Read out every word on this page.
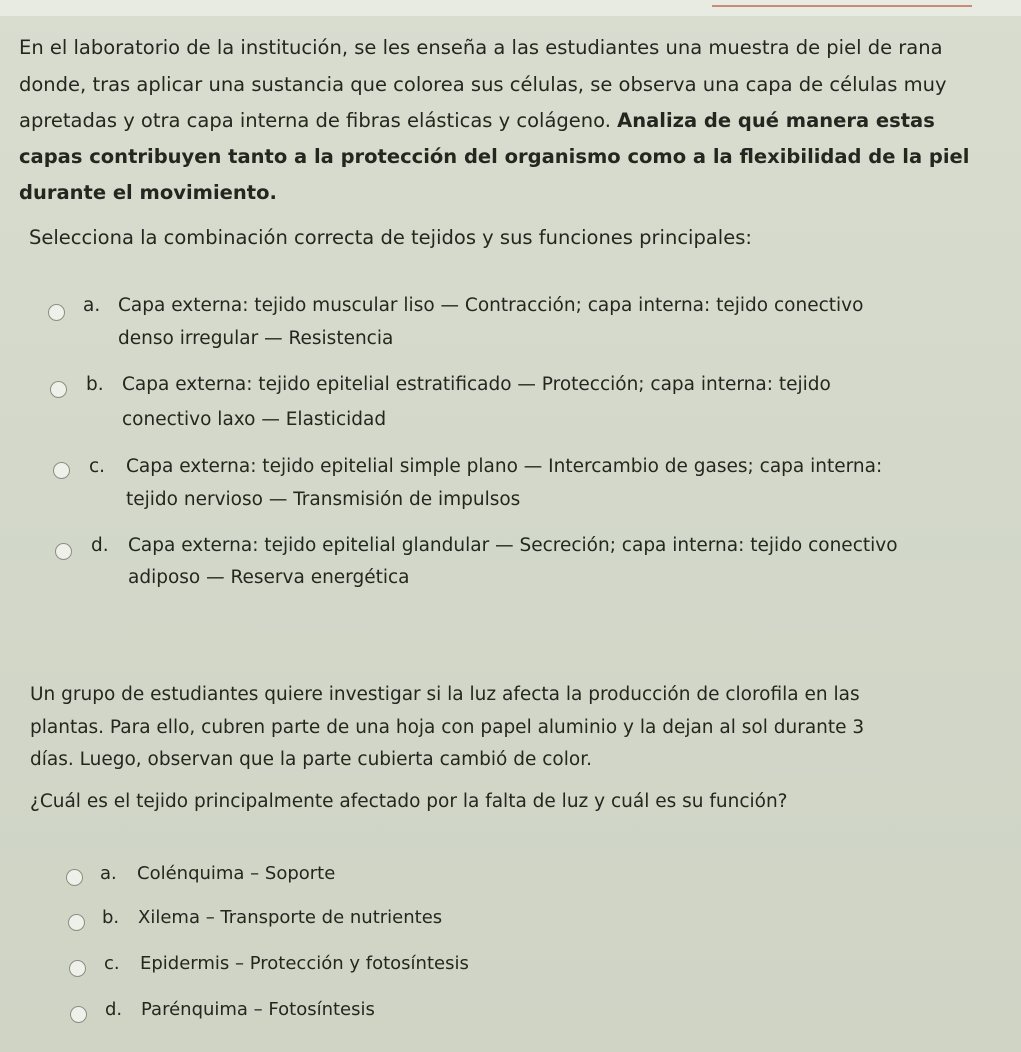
En el laboratorio de la institución, se les enseña a las estudiantes una muestra de piel de rana
donde, tras aplicar una sustancia que colorea sus células, se observa una capa de células muy
apretadas y otra capa interna de fibras elásticas y colágeno. Analiza de qué manera estas
capas contribuyen tanto a la protección del organismo como a la flexibilidad de la piel
durante el movimiento.
Selecciona la combinación correcta de tejidos y sus funciones principales:
a. Capa externa: tejido muscular liso — Contracción; capa interna: tejido conectivo
denso irregular — Resistencia
b. Capa externa: tejido epitelial estratificado — Protección; capa interna: tejido
conectivo laxo — Elasticidad
c. Capa externa: tejido epitelial simple plano — Intercambio de gases; capa interna:
tejido nervioso — Transmisión de impulsos
d. Capa externa: tejido epitelial glandular — Secreción; capa interna: tejido conectivo
adiposo — Reserva energética
Un grupo de estudiantes quiere investigar si la luz afecta la producción de clorofila en las
plantas. Para ello, cubren parte de una hoja con papel aluminio y la dejan al sol durante 3
días. Luego, observan que la parte cubierta cambió de color.
¿Cuál es el tejido principalmente afectado por la falta de luz y cuál es su función?
a. Colénquima – Soporte
b. Xilema – Transporte de nutrientes
c. Epidermis – Protección y fotosíntesis
d. Parénquima – Fotosíntesis
